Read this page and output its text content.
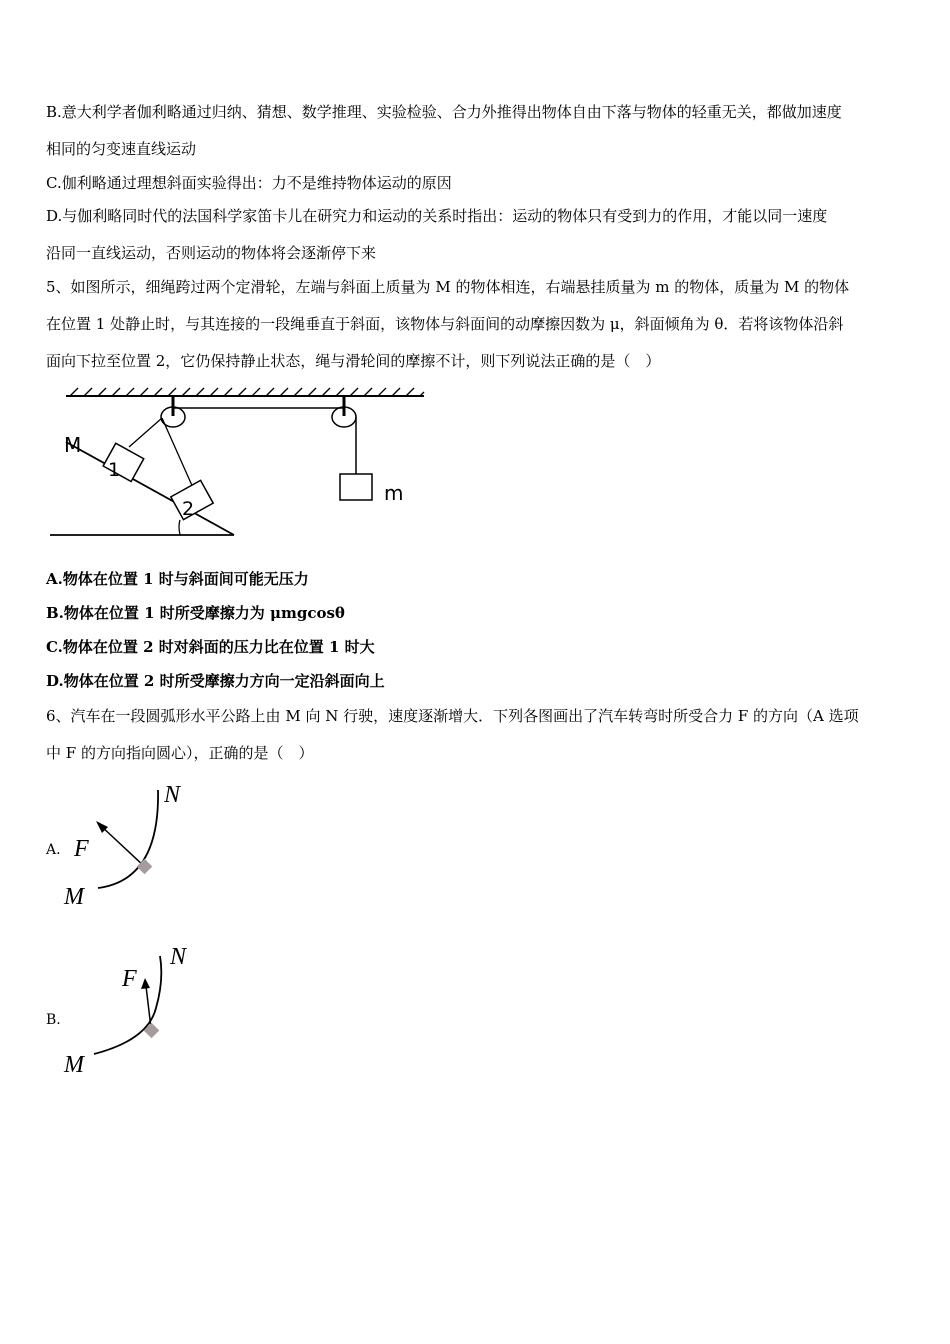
B.意大利学者伽利略通过归纳、猜想、数学推理、实验检验、合力外推得出物体自由下落与物体的轻重无关，都做加速度
相同的匀变速直线运动
C.伽利略通过理想斜面实验得出：力不是维持物体运动的原因
D.与伽利略同时代的法国科学家笛卡儿在研究力和运动的关系时指出：运动的物体只有受到力的作用，才能以同一速度
沿同一直线运动，否则运动的物体将会逐渐停下来
5、如图所示，细绳跨过两个定滑轮，左端与斜面上质量为 M 的物体相连，右端悬挂质量为 m 的物体，质量为 M 的物体
在位置 1 处静止时，与其连接的一段绳垂直于斜面，该物体与斜面间的动摩擦因数为 μ，斜面倾角为 θ．若将该物体沿斜
面向下拉至位置 2，它仍保持静止状态，绳与滑轮间的摩擦不计，则下列说法正确的是（　）
m
M
1
2
A.物体在位置 1 时与斜面间可能无压力
B.物体在位置 1 时所受摩擦力为 μmgcosθ
C.物体在位置 2 时对斜面的压力比在位置 1 时大
D.物体在位置 2 时所受摩擦力方向一定沿斜面向上
6、汽车在一段圆弧形水平公路上由 M 向 N 行驶，速度逐渐增大．下列各图画出了汽车转弯时所受合力 F 的方向（A 选项
中 F 的方向指向圆心），正确的是（　）
A. F
M
N
B.
F
M
N
